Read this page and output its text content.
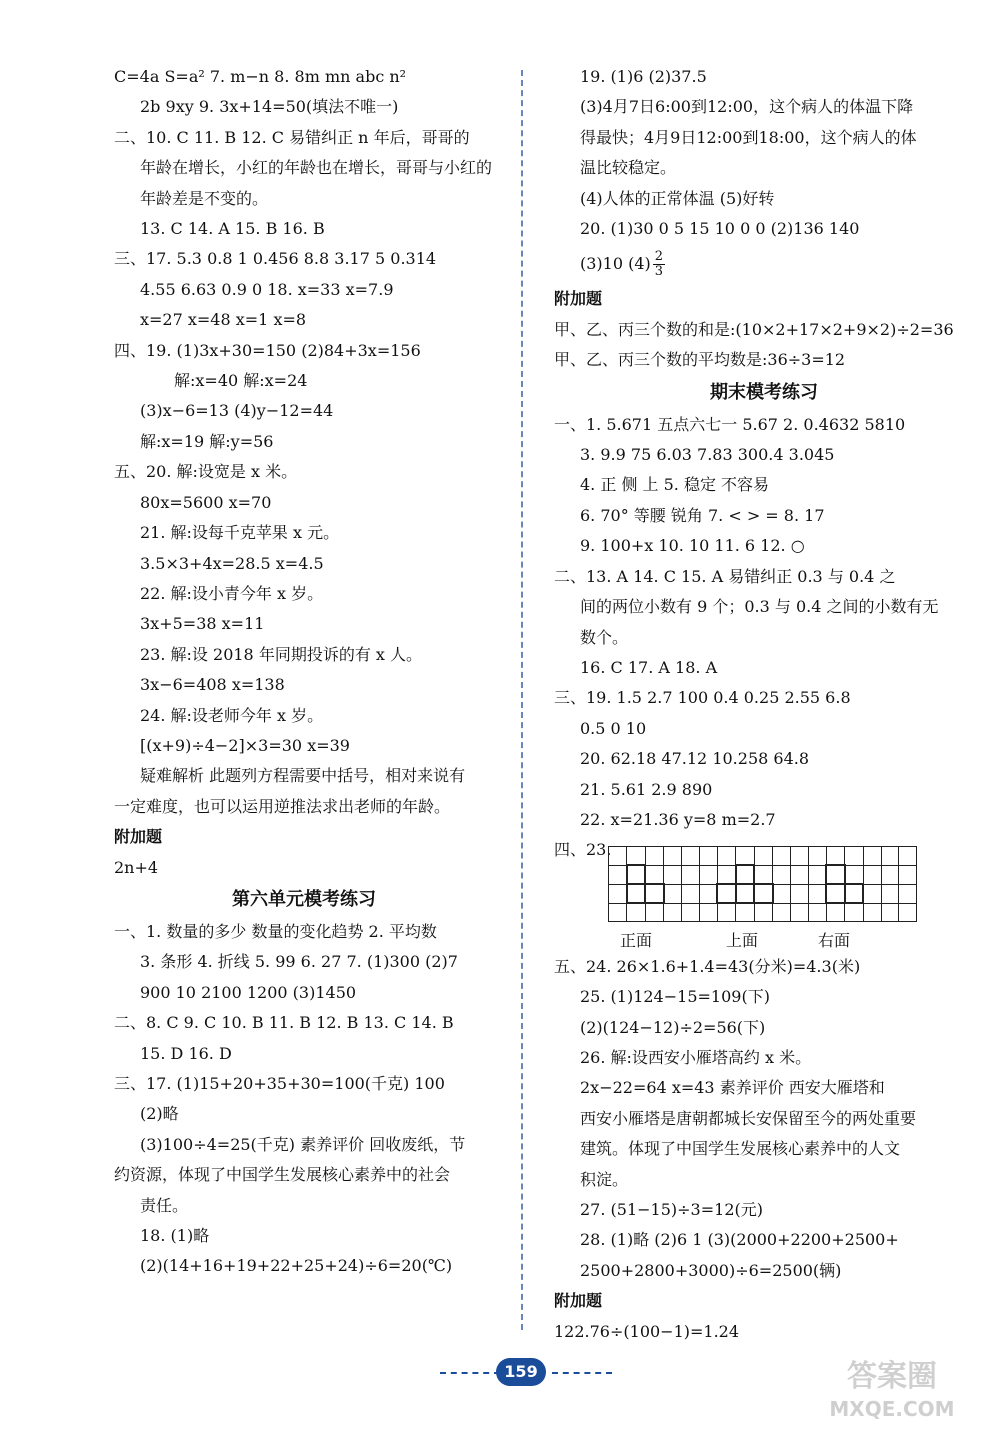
C=4a S=a² 7. m−n 8. 8m mn abc n²
2b 9xy 9. 3x+14=50(填法不唯一)
二、10. C 11. B 12. C 易错纠正 n 年后，哥哥的
年龄在增长，小红的年龄也在增长，哥哥与小红的
年龄差是不变的。
13. C 14. A 15. B 16. B
三、17. 5.3 0.8 1 0.456 8.8 3.17 5 0.314
4.55 6.63 0.9 0 18. x=33 x=7.9
x=27 x=48 x=1 x=8
四、19. (1)3x+30=150 (2)84+3x=156
解:x=40 解:x=24
(3)x−6=13 (4)y−12=44
解:x=19 解:y=56
五、20. 解:设宽是 x 米。
80x=5600 x=70
21. 解:设每千克苹果 x 元。
3.5×3+4x=28.5 x=4.5
22. 解:设小青今年 x 岁。
3x+5=38 x=11
23. 解:设 2018 年同期投诉的有 x 人。
3x−6=408 x=138
24. 解:设老师今年 x 岁。
[(x+9)÷4−2]×3=30 x=39
疑难解析 此题列方程需要中括号，相对来说有
一定难度，也可以运用逆推法求出老师的年龄。
附加题
2n+4
第六单元模考练习
一、1. 数量的多少 数量的变化趋势 2. 平均数
3. 条形 4. 折线 5. 99 6. 27 7. (1)300 (2)7
900 10 2100 1200 (3)1450
二、8. C 9. C 10. B 11. B 12. B 13. C 14. B
15. D 16. D
三、17. (1)15+20+35+30=100(千克) 100
(2)略
(3)100÷4=25(千克) 素养评价 回收废纸，节
约资源，体现了中国学生发展核心素养中的社会
责任。
18. (1)略
(2)(14+16+19+22+25+24)÷6=20(℃)
19. (1)6 (2)37.5
(3)4月7日6:00到12:00，这个病人的体温下降
得最快；4月9日12:00到18:00，这个病人的体
温比较稳定。
(4)人体的正常体温 (5)好转
20. (1)30 0 5 15 10 0 0 (2)136 140
(3)10 $(4) \frac{2}{3}$
附加题
甲、乙、丙三个数的和是:(10×2+17×2+9×2)÷2=36
甲、乙、丙三个数的平均数是:36÷3=12
期末模考练习
一、1. 5.671 五点六七一 5.67 2. 0.4632 5810
3. 9.9 75 6.03 7.83 300.4 3.045
4. 正 侧 上 5. 稳定 不容易
6. 70° 等腰 锐角 7. < > = 8. 17
9. 100+x 10. 10 11. 6 12. ○
二、13. A 14. C 15. A 易错纠正 0.3 与 0.4 之
间的两位小数有 9 个；0.3 与 0.4 之间的小数有无
数个。
16. C 17. A 18. A
三、19. 1.5 2.7 100 0.4 0.25 2.55 6.8
0.5 0 10
20. 62.18 47.12 10.258 64.8
21. 5.61 2.9 890
22. x=21.36 y=8 m=2.7
四、23.
五、24. 26×1.6+1.4=43(分米)=4.3(米)
25. (1)124−15=109(下)
(2)(124−12)÷2=56(下)
26. 解:设西安小雁塔高约 x 米。
2x−22=64 x=43 素养评价 西安大雁塔和
西安小雁塔是唐朝都城长安保留至今的两处重要
建筑。体现了中国学生发展核心素养中的人文
积淀。
27. (51−15)÷3=12(元)
28. (1)略 (2)6 1 (3)(2000+2200+2500+
2500+2800+3000)÷6=2500(辆)
附加题
122.76÷(100−1)=1.24

正面	上面	右面
159	答案圈
MXQE.COM
